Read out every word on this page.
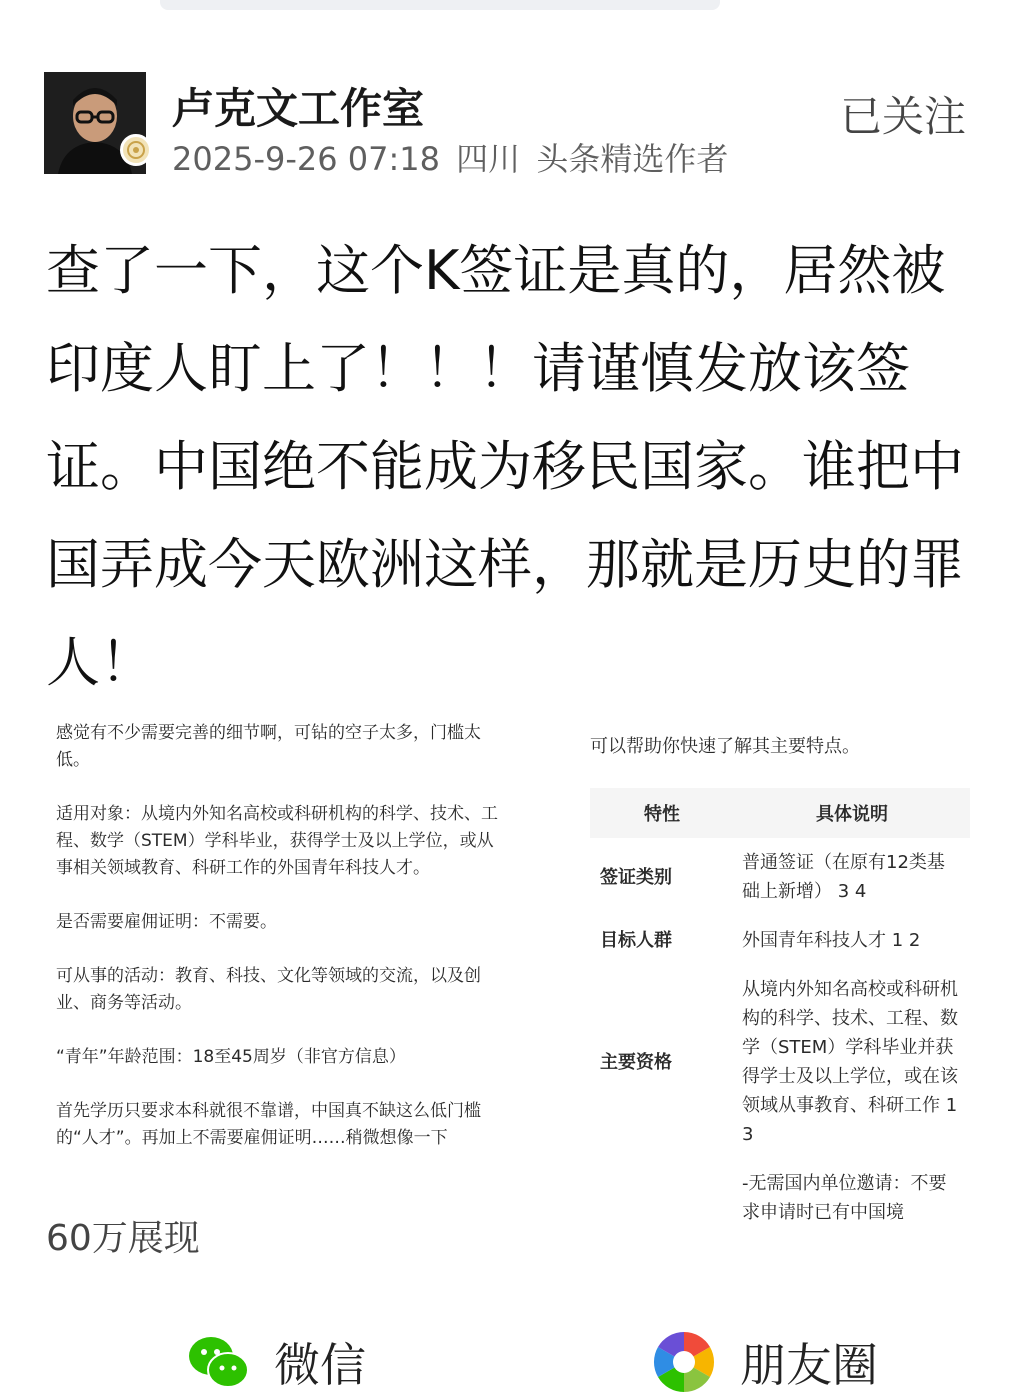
卢克文工作室
2025-9-26 07:18 四川 头条精选作者
已关注
查了一下，这个K签证是真的，居然被印度人盯上了！！！请谨慎发放该签证。中国绝不能成为移民国家。谁把中国弄成今天欧洲这样，那就是历史的罪人！

感觉有不少需要完善的细节啊，可钻的空子太多，门槛太低。

适用对象：从境内外知名高校或科研机构的科学、技术、工程、数学（STEM）学科毕业，获得学士及以上学位，或从事相关领域教育、科研工作的外国青年科技人才。

是否需要雇佣证明：不需要。

可从事的活动：教育、科技、文化等领域的交流，以及创业、商务等活动。

“青年”年龄范围：18至45周岁（非官方信息）

首先学历只要求本科就很不靠谱，中国真不缺这么低门槛的“人才”。再加上不需要雇佣证明……稍微想像一下

可以帮助你快速了解其主要特点。
特性	具体说明
签证类别	普通签证（在原有12类基础上新增） 3 4
目标人群	外国青年科技人才 1 2
主要资格	从境内外知名高校或科研机构的科学、技术、工程、数学（STEM）学科毕业并获得学士及以上学位，或在该领域从事教育、科研工作 1 3
	-无需国内单位邀请：不要求申请时已有中国境
60万展现
微信	朋友圈
